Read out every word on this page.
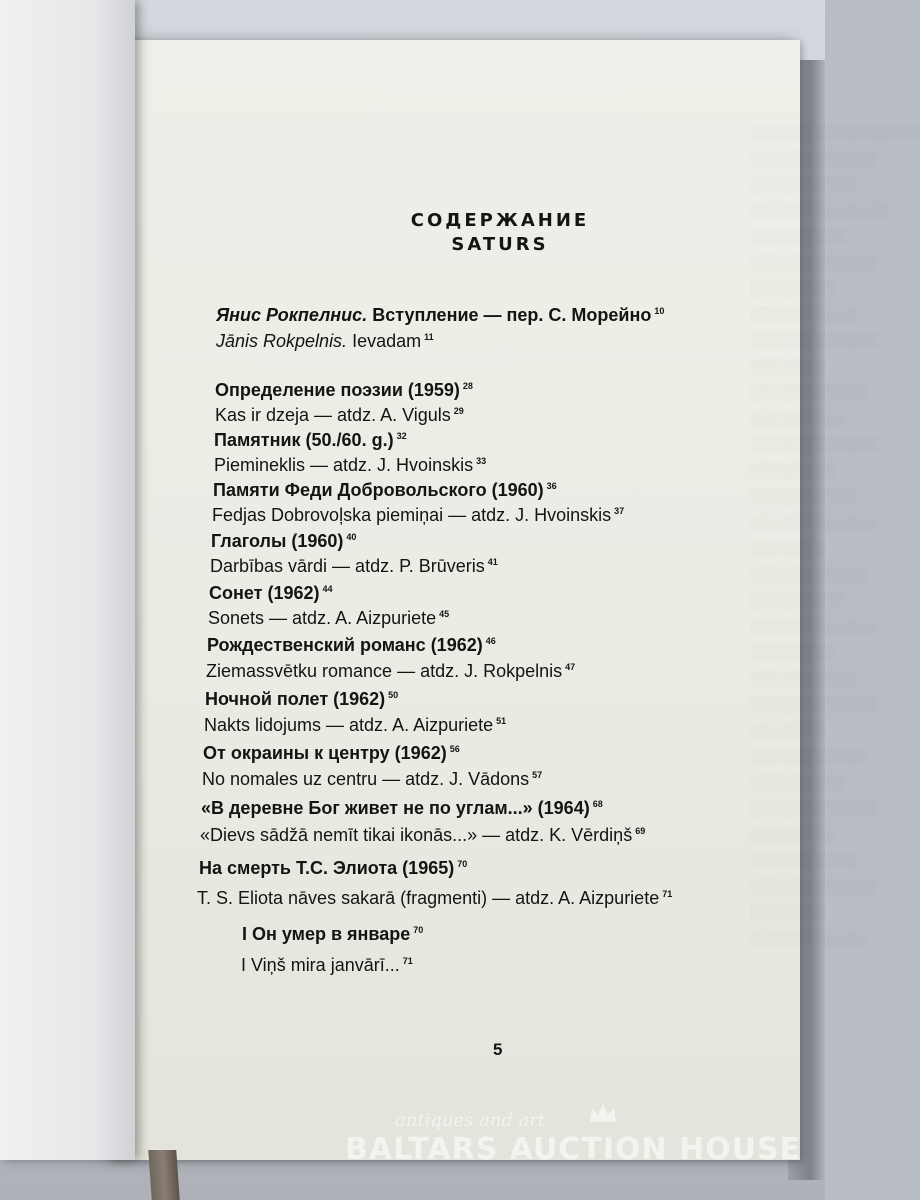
░░░░░░░░░░░░░░░░
░░░░░░░░░░░░
░░░░░░░░░░
░░░░░░░░░░░░░
░░░░░░░░░
░░░░░░░░░░░░
░░░░░░░░
░░░░░░░░░░
░░░░░░░░░░░░
░░░░░░░
░░░░░░░░░░░
░░░░░░░░░
░░░░░░░░░░░░
░░░░░░░░
░░░░░░░░░░
░░░░░░░░░░░░
░░░░░░░
░░░░░░░░░░░
░░░░░░░░░
░░░░░░░░░░░░
░░░░░░░░
░░░░░░░░░░
░░░░░░░░░░░░
░░░░░░░
░░░░░░░░░░░
░░░░░░░░░
░░░░░░░░░░░░
░░░░░░░░
░░░░░░░░░░
░░░░░░░░░░░░
░░░░░░░
░░░░░░░░░░░
СОДЕРЖАНИЕ
SATURS
Янис Рокпелнис. Вступление — пер. С. Морейно $^{10}$
Jānis Rokpelnis. Ievadam $^{11}$
Определение поэзии (1959) $^{28}$
Kas ir dzeja — atdz. A. Viguls $^{29}$
Памятник (50./60. g.) $^{32}$
Piemineklis — atdz. J. Hvoinskis $^{33}$
Памяти Феди Добровольского (1960) $^{36}$
Fedjas Dobrovoļska piemiņai — atdz. J. Hvoinskis $^{37}$
Глаголы (1960) $^{40}$
Darbības vārdi — atdz. P. Brūveris $^{41}$
Сонет (1962) $^{44}$
Sonets — atdz. A. Aizpuriete $^{45}$
Рождественский романс (1962) $^{46}$
Ziemassvētku romance — atdz. J. Rokpelnis $^{47}$
Ночной полет (1962) $^{50}$
Nakts lidojums — atdz. A. Aizpuriete $^{51}$
От окраины к центру (1962) $^{56}$
No nomales uz centru — atdz. J. Vādons $^{57}$
«В деревне Бог живет не по углам...» (1964) $^{68}$
«Dievs sādžā nemīt tikai ikonās...» — atdz. K. Vērdiņš $^{69}$
На смерть Т.С. Элиота (1965) $^{70}$
T. S. Eliota nāves sakarā (fragmenti) — atdz. A. Aizpuriete $^{71}$
I Он умер в январе $^{70}$
I Viņš mira janvārī... $^{71}$
5
antiques and art
BALTARS AUCTION HOUSE
